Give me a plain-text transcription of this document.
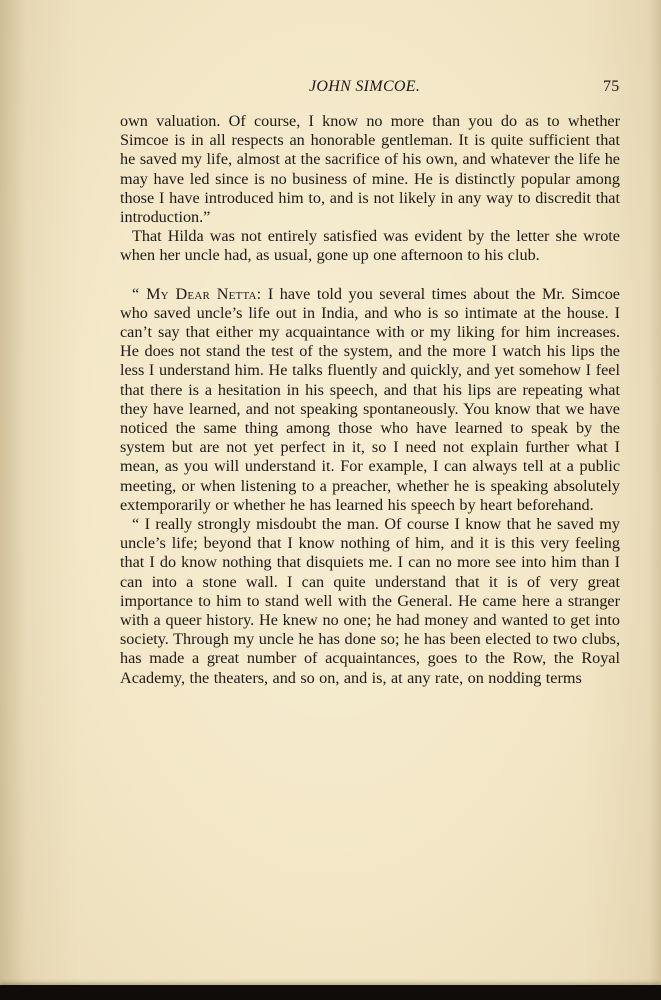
JOHN SIMCOE.	75

own valuation. Of course, I know no more than you do as to whether Simcoe is in all respects an honorable gentleman. It is quite sufficient that he saved my life, almost at the sacrifice of his own, and whatever the life he may have led since is no business of mine. He is distinctly popular among those I have introduced him to, and is not likely in any way to discredit that introduction.”

That Hilda was not entirely satisfied was evident by the letter she wrote when her uncle had, as usual, gone up one afternoon to his club.

“ My Dear Netta: I have told you several times about the Mr. Simcoe who saved uncle’s life out in India, and who is so intimate at the house. I can’t say that either my acquaintance with or my liking for him increases. He does not stand the test of the system, and the more I watch his lips the less I understand him. He talks fluently and quickly, and yet somehow I feel that there is a hesitation in his speech, and that his lips are repeating what they have learned, and not speaking spontaneously. You know that we have noticed the same thing among those who have learned to speak by the system but are not yet perfect in it, so I need not explain further what I mean, as you will understand it. For example, I can always tell at a public meeting, or when listening to a preacher, whether he is speaking absolutely extemporarily or whether he has learned his speech by heart beforehand.

“ I really strongly misdoubt the man. Of course I know that he saved my uncle’s life; beyond that I know nothing of him, and it is this very feeling that I do know nothing that disquiets me. I can no more see into him than I can into a stone wall. I can quite understand that it is of very great importance to him to stand well with the General. He came here a stranger with a queer history. He knew no one; he had money and wanted to get into society. Through my uncle he has done so; he has been elected to two clubs, has made a great number of acquaintances, goes to the Row, the Royal Academy, the theaters, and so on, and is, at any rate, on nodding terms
